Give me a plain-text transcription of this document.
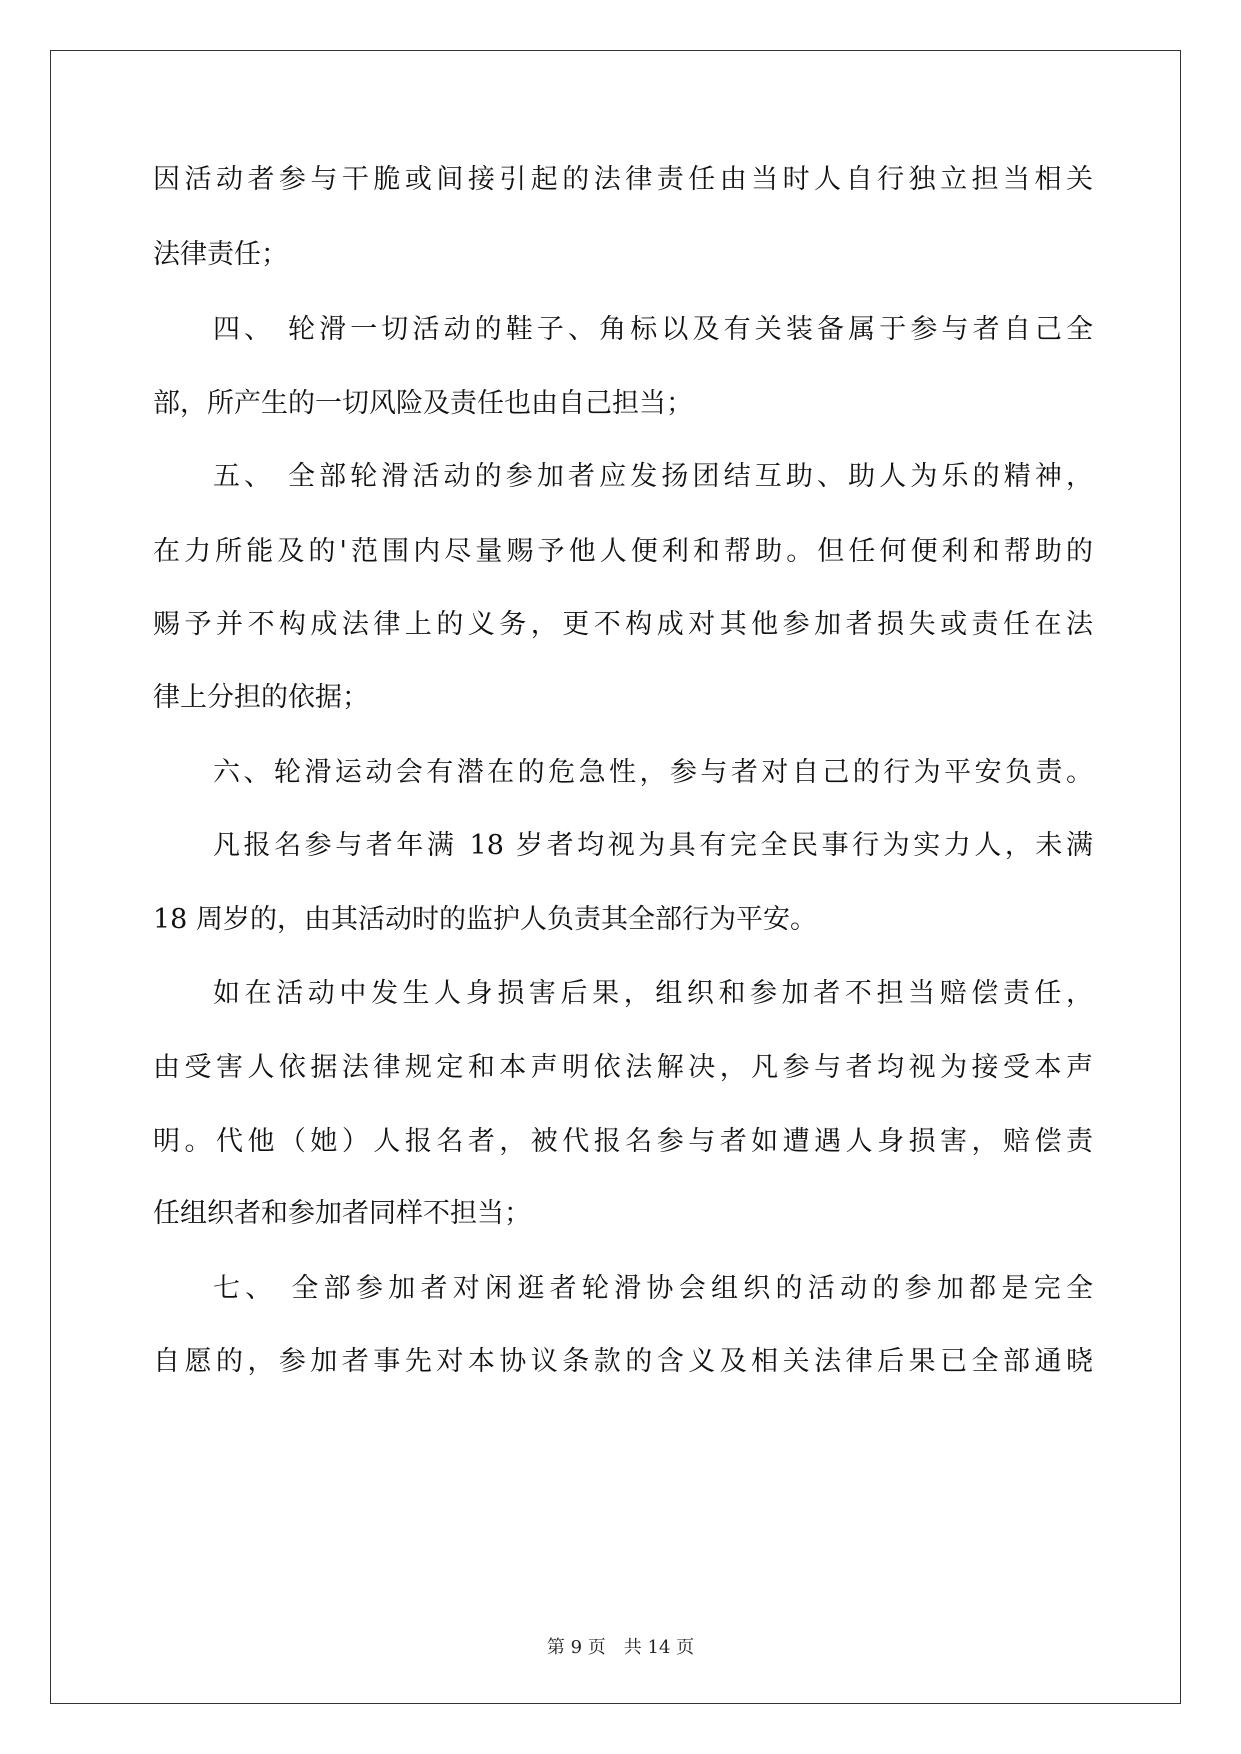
因活动者参与干脆或间接引起的法律责任由当时人自行独立担当相关
法律责任；
四、 轮滑一切活动的鞋子、角标以及有关装备属于参与者自己全
部，所产生的一切风险及责任也由自己担当；
五、 全部轮滑活动的参加者应发扬团结互助、助人为乐的精神，
在力所能及的'范围内尽量赐予他人便利和帮助。但任何便利和帮助的
赐予并不构成法律上的义务，更不构成对其他参加者损失或责任在法
律上分担的依据；
六、轮滑运动会有潜在的危急性，参与者对自己的行为平安负责。
凡报名参与者年满 18 岁者均视为具有完全民事行为实力人，未满
18 周岁的，由其活动时的监护人负责其全部行为平安。
如在活动中发生人身损害后果，组织和参加者不担当赔偿责任，
由受害人依据法律规定和本声明依法解决，凡参与者均视为接受本声
明。代他（她）人报名者，被代报名参与者如遭遇人身损害，赔偿责
任组织者和参加者同样不担当；
七、 全部参加者对闲逛者轮滑协会组织的活动的参加都是完全
自愿的，参加者事先对本协议条款的含义及相关法律后果已全部通晓
第 9 页　共 14 页
